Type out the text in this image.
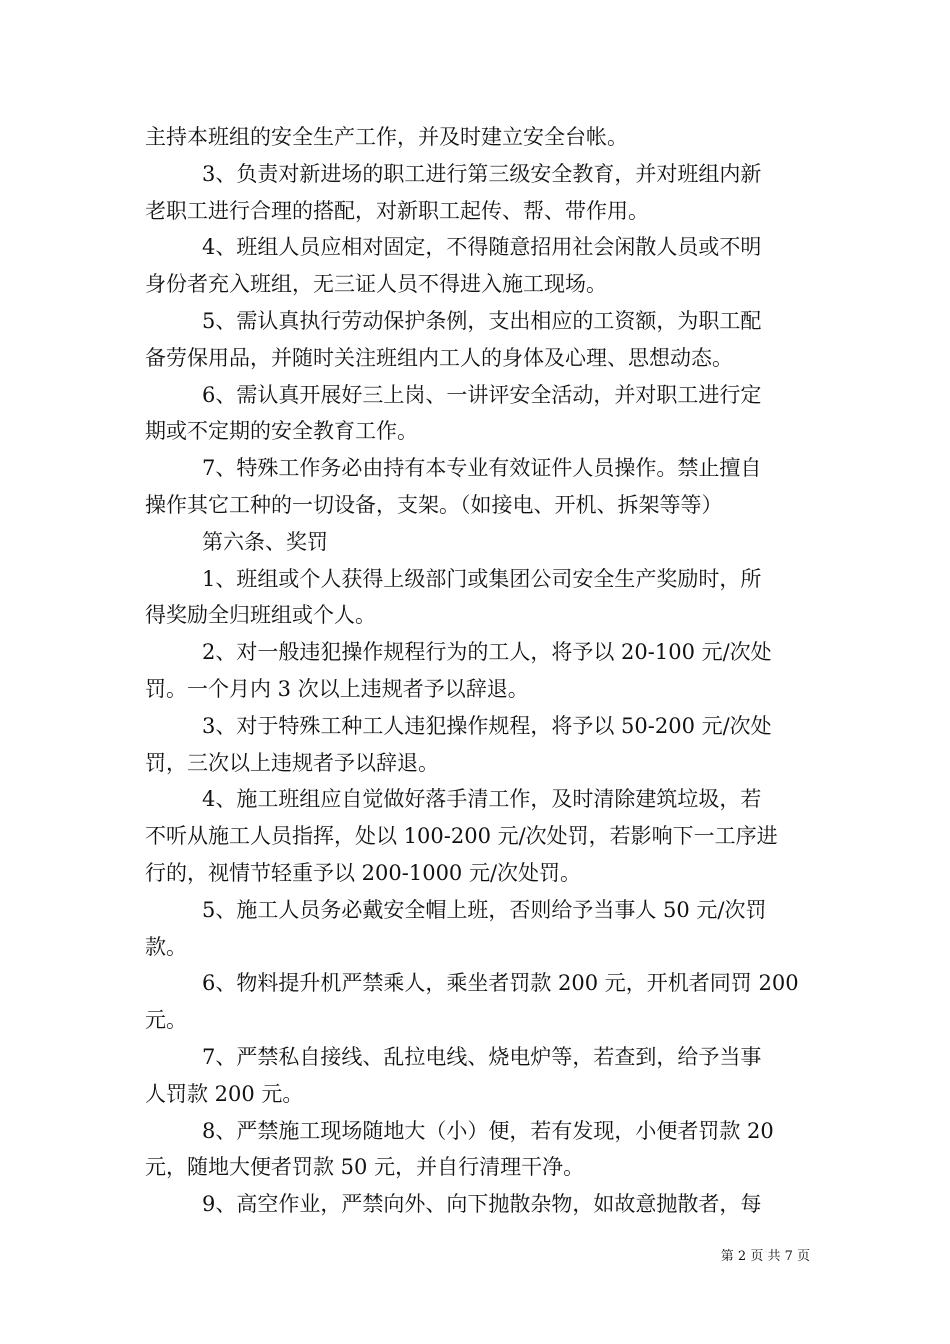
主持本班组的安全生产工作，并及时建立安全台帐。
3、负责对新进场的职工进行第三级安全教育，并对班组内新
老职工进行合理的搭配，对新职工起传、帮、带作用。
4、班组人员应相对固定，不得随意招用社会闲散人员或不明
身份者充入班组，无三证人员不得进入施工现场。
5、需认真执行劳动保护条例，支出相应的工资额，为职工配
备劳保用品，并随时关注班组内工人的身体及心理、思想动态。
6、需认真开展好三上岗、一讲评安全活动，并对职工进行定
期或不定期的安全教育工作。
7、特殊工作务必由持有本专业有效证件人员操作。禁止擅自
操作其它工种的一切设备，支架。（如接电、开机、拆架等等）
第六条、奖罚
1、班组或个人获得上级部门或集团公司安全生产奖励时，所
得奖励全归班组或个人。
2、对一般违犯操作规程行为的工人，将予以 20-100 元/次处
罚。一个月内 3 次以上违规者予以辞退。
3、对于特殊工种工人违犯操作规程，将予以 50-200 元/次处
罚，三次以上违规者予以辞退。
4、施工班组应自觉做好落手清工作，及时清除建筑垃圾，若
不听从施工人员指挥，处以 100-200 元/次处罚，若影响下一工序进
行的，视情节轻重予以 200-1000 元/次处罚。
5、施工人员务必戴安全帽上班，否则给予当事人 50 元/次罚
款。
6、物料提升机严禁乘人，乘坐者罚款 200 元，开机者同罚 200
元。
7、严禁私自接线、乱拉电线、烧电炉等，若查到，给予当事
人罚款 200 元。
8、严禁施工现场随地大（小）便，若有发现，小便者罚款 20
元，随地大便者罚款 50 元，并自行清理干净。
9、高空作业，严禁向外、向下抛散杂物，如故意抛散者，每
第 2 页 共 7 页
